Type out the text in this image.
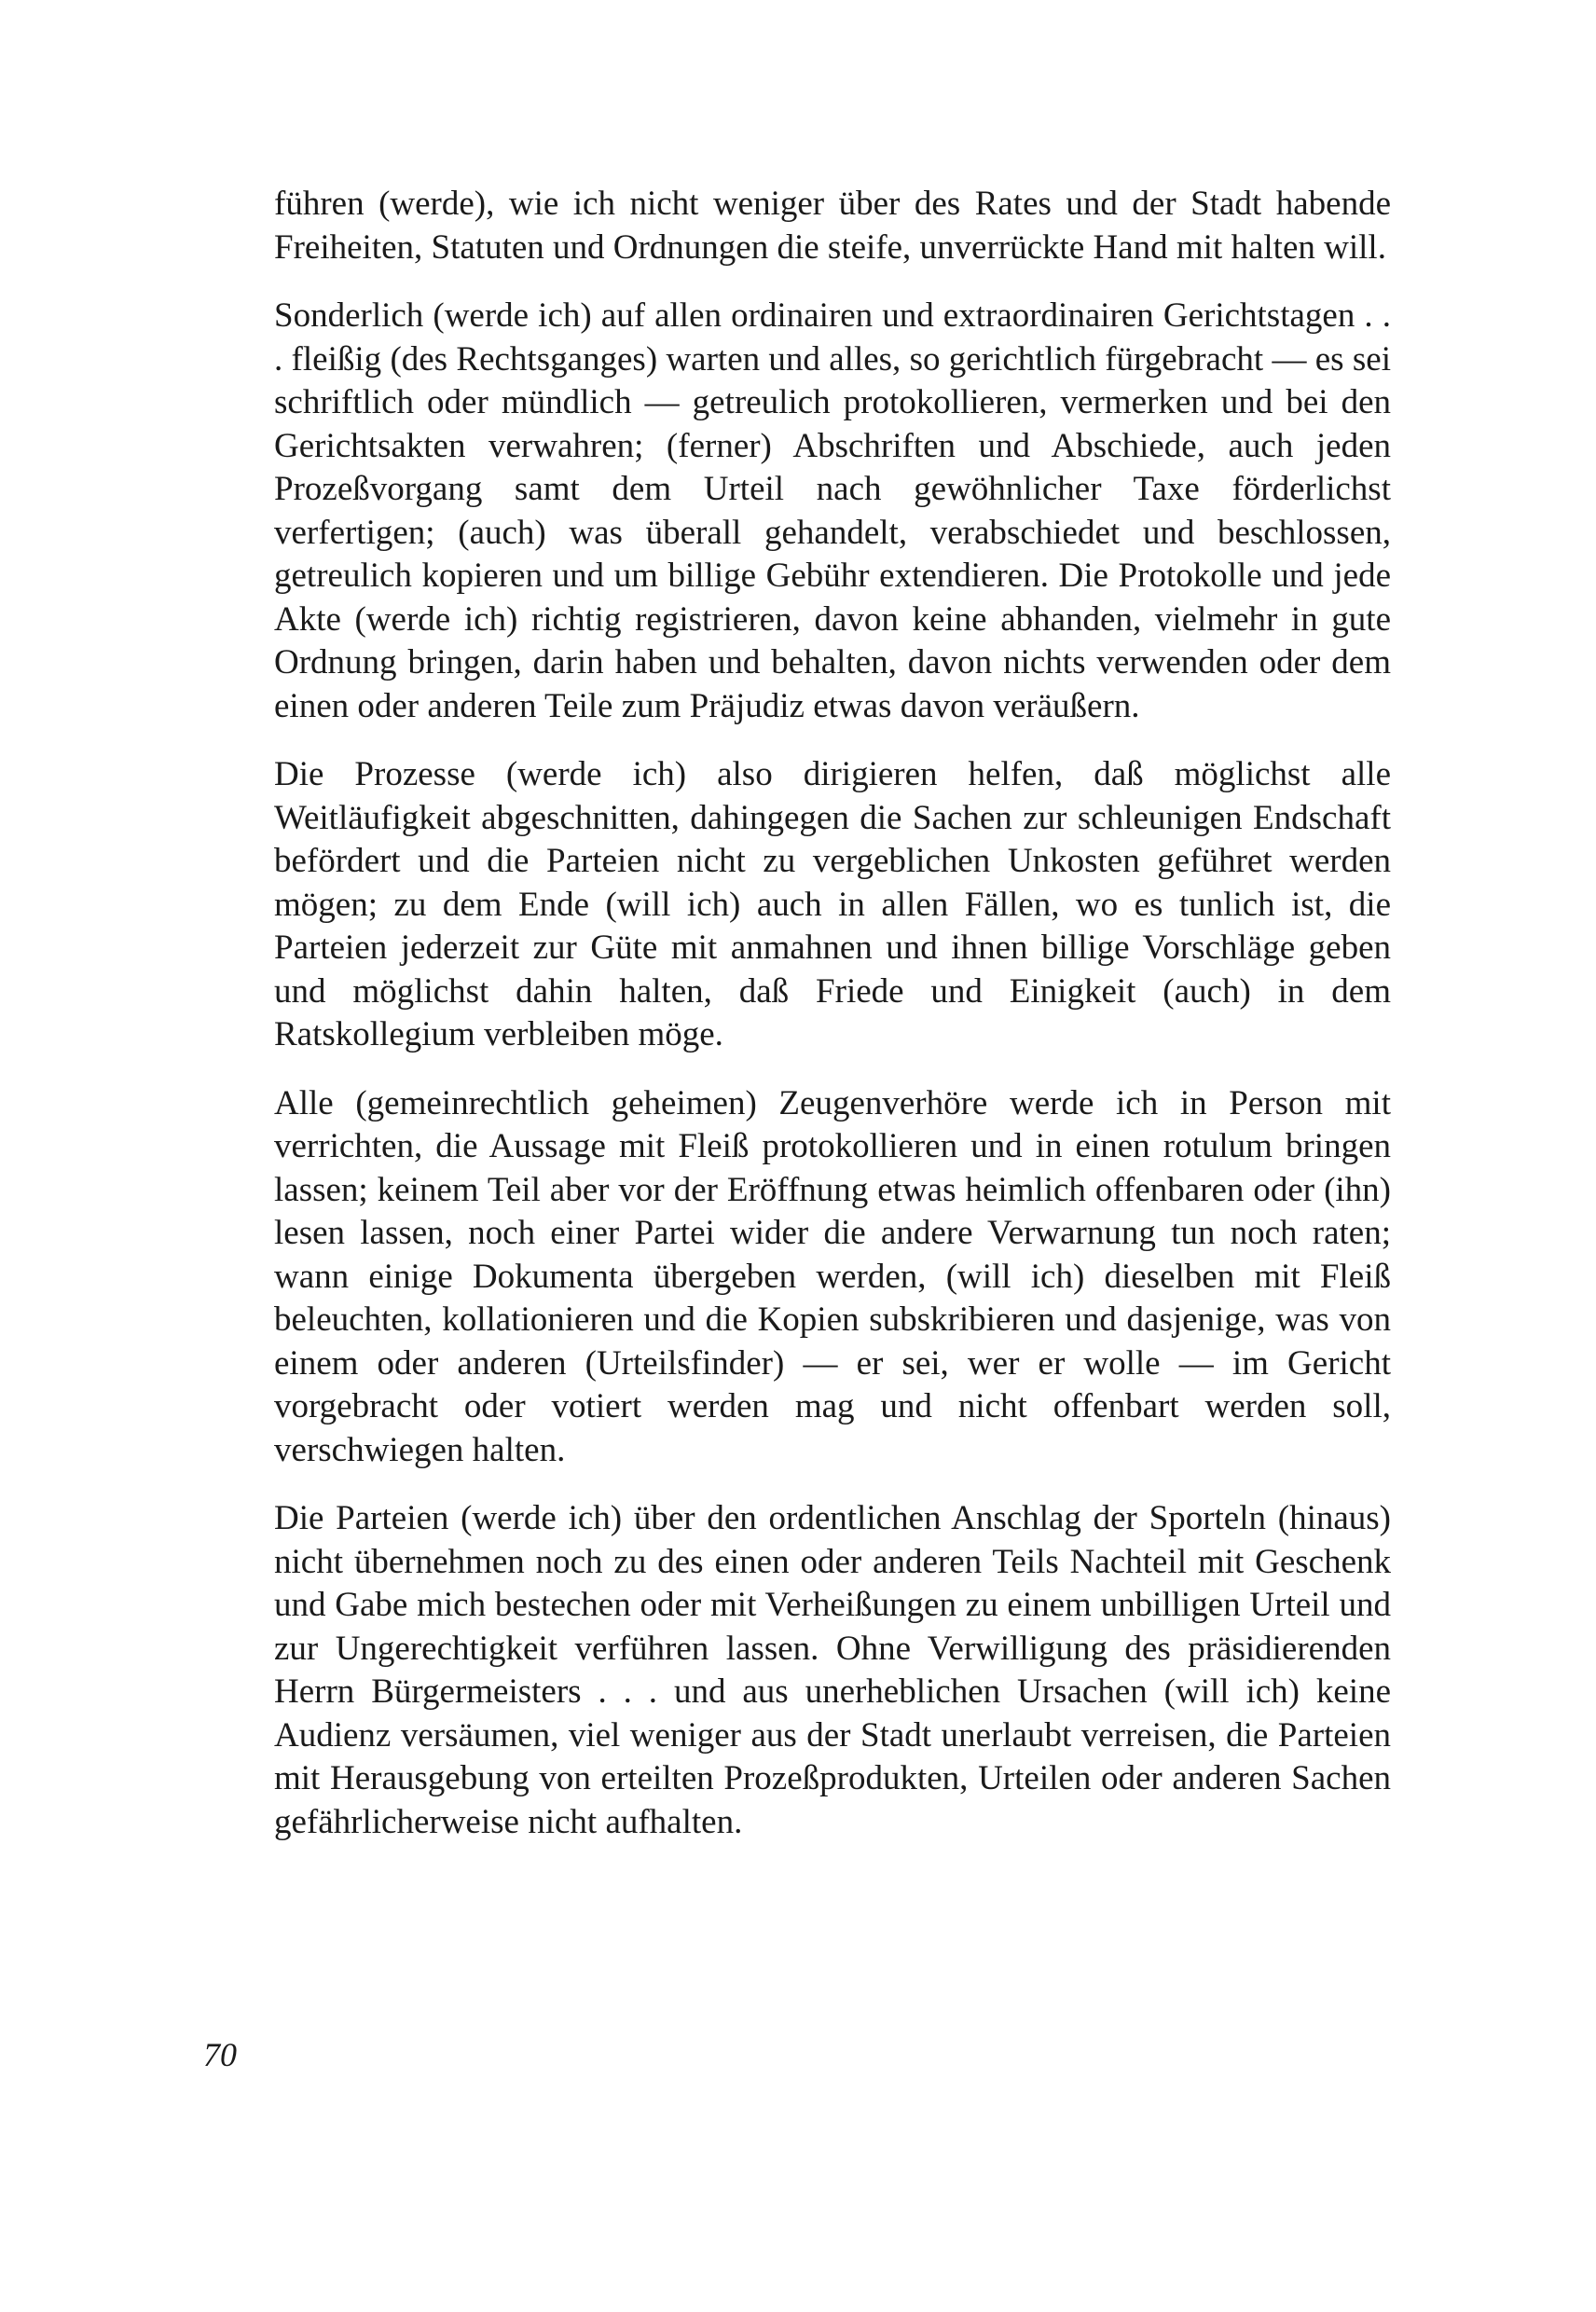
führen (werde), wie ich nicht weniger über des Rates und der Stadt habende Freiheiten, Statuten und Ordnungen die steife, unverrückte Hand mit halten will.

Sonderlich (werde ich) auf allen ordinairen und extraordinairen Gerichtstagen . . . fleißig (des Rechtsganges) warten und alles, so gerichtlich fürgebracht — es sei schriftlich oder mündlich — getreulich protokollieren, vermerken und bei den Gerichtsakten verwahren; (ferner) Abschriften und Abschiede, auch jeden Prozeßvorgang samt dem Urteil nach gewöhnlicher Taxe förderlichst verfertigen; (auch) was überall gehandelt, verabschiedet und beschlossen, getreulich kopieren und um billige Gebühr extendieren. Die Protokolle und jede Akte (werde ich) richtig registrieren, davon keine abhanden, vielmehr in gute Ordnung bringen, darin haben und behalten, davon nichts verwenden oder dem einen oder anderen Teile zum Präjudiz etwas davon veräußern.

Die Prozesse (werde ich) also dirigieren helfen, daß möglichst alle Weitläufigkeit abgeschnitten, dahingegen die Sachen zur schleunigen Endschaft befördert und die Parteien nicht zu vergeblichen Unkosten geführet werden mögen; zu dem Ende (will ich) auch in allen Fällen, wo es tunlich ist, die Parteien jederzeit zur Güte mit anmahnen und ihnen billige Vorschläge geben und möglichst dahin halten, daß Friede und Einigkeit (auch) in dem Ratskollegium verbleiben möge.

Alle (gemeinrechtlich geheimen) Zeugenverhöre werde ich in Person mit verrichten, die Aussage mit Fleiß protokollieren und in einen rotulum bringen lassen; keinem Teil aber vor der Eröffnung etwas heimlich offenbaren oder (ihn) lesen lassen, noch einer Partei wider die andere Verwarnung tun noch raten; wann einige Dokumenta übergeben werden, (will ich) dieselben mit Fleiß beleuchten, kollationieren und die Kopien subskribieren und dasjenige, was von einem oder anderen (Urteilsfinder) — er sei, wer er wolle — im Gericht vorgebracht oder votiert werden mag und nicht offenbart werden soll, verschwiegen halten.

Die Parteien (werde ich) über den ordentlichen Anschlag der Sporteln (hinaus) nicht übernehmen noch zu des einen oder anderen Teils Nachteil mit Geschenk und Gabe mich bestechen oder mit Verheißungen zu einem unbilligen Urteil und zur Ungerechtigkeit verführen lassen. Ohne Verwilligung des präsidierenden Herrn Bürgermeisters . . . und aus unerheblichen Ursachen (will ich) keine Audienz versäumen, viel weniger aus der Stadt unerlaubt verreisen, die Parteien mit Herausgebung von erteilten Prozeßprodukten, Urteilen oder anderen Sachen gefährlicherweise nicht aufhalten.

70
